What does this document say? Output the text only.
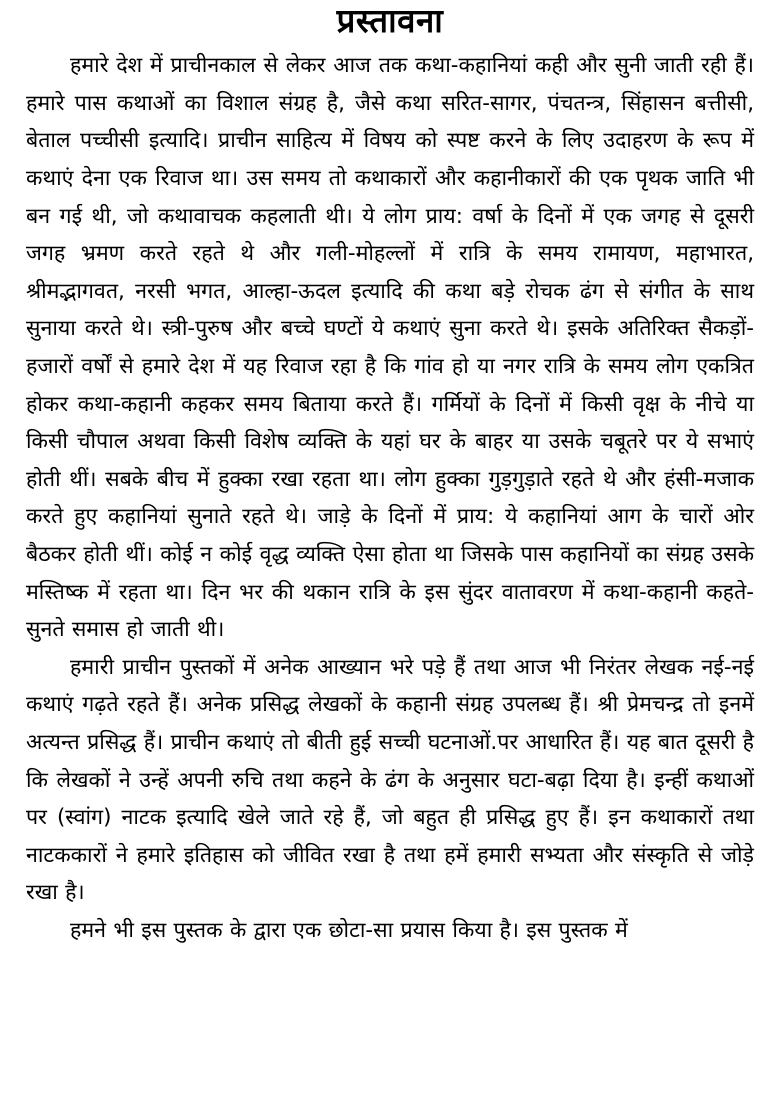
प्रस्तावना

हमारे देश में प्राचीनकाल से लेकर आज तक कथा-कहानियां कही और सुनी जाती रही हैं। हमारे पास कथाओं का विशाल संग्रह है, जैसे कथा सरित-सागर, पंचतन्त्र, सिंहासन बत्तीसी, बेताल पच्चीसी इत्यादि। प्राचीन साहित्य में विषय को स्पष्ट करने के लिए उदाहरण के रूप में कथाएं देना एक रिवाज था। उस समय तो कथाकारों और कहानीकारों की एक पृथक जाति भी बन गई थी, जो कथावाचक कहलाती थी। ये लोग प्राय: वर्षा के दिनों में एक जगह से दूसरी जगह भ्रमण करते रहते थे और गली-मोहल्लों में रात्रि के समय रामायण, महाभारत, श्रीमद्भागवत, नरसी भगत, आल्हा-ऊदल इत्यादि की कथा बड़े रोचक ढंग से संगीत के साथ सुनाया करते थे। स्त्री-पुरुष और बच्चे घण्टों ये कथाएं सुना करते थे। इसके अतिरिक्त सैकड़ों-हजारों वर्षों से हमारे देश में यह रिवाज रहा है कि गांव हो या नगर रात्रि के समय लोग एकत्रित होकर कथा-कहानी कहकर समय बिताया करते हैं। गर्मियों के दिनों में किसी वृक्ष के नीचे या किसी चौपाल अथवा किसी विशेष व्यक्ति के यहां घर के बाहर या उसके चबूतरे पर ये सभाएं होती थीं। सबके बीच में हुक्का रखा रहता था। लोग हुक्का गुड़गुड़ाते रहते थे और हंसी-मजाक करते हुए कहानियां सुनाते रहते थे। जाड़े के दिनों में प्राय: ये कहानियां आग के चारों ओर बैठकर होती थीं। कोई न कोई वृद्ध व्यक्ति ऐसा होता था जिसके पास कहानियों का संग्रह उसके मस्तिष्क में रहता था। दिन भर की थकान रात्रि के इस सुंदर वातावरण में कथा-कहानी कहते-सुनते समास हो जाती थी।

हमारी प्राचीन पुस्तकों में अनेक आख्यान भरे पड़े हैं तथा आज भी निरंतर लेखक नई-नई कथाएं गढ़ते रहते हैं। अनेक प्रसिद्ध लेखकों के कहानी संग्रह उपलब्ध हैं। श्री प्रेमचन्द्र तो इनमें अत्यन्त प्रसिद्ध हैं। प्राचीन कथाएं तो बीती हुई सच्ची घटनाओं.पर आधारित हैं। यह बात दूसरी है कि लेखकों ने उन्हें अपनी रुचि तथा कहने के ढंग के अनुसार घटा-बढ़ा दिया है। इन्हीं कथाओं पर (स्वांग) नाटक इत्यादि खेले जाते रहे हैं, जो बहुत ही प्रसिद्ध हुए हैं। इन कथाकारों तथा नाटककारों ने हमारे इतिहास को जीवित रखा है तथा हमें हमारी सभ्यता और संस्कृति से जोड़े रखा है।

हमने भी इस पुस्तक के द्वारा एक छोटा-सा प्रयास किया है। इस पुस्तक में
